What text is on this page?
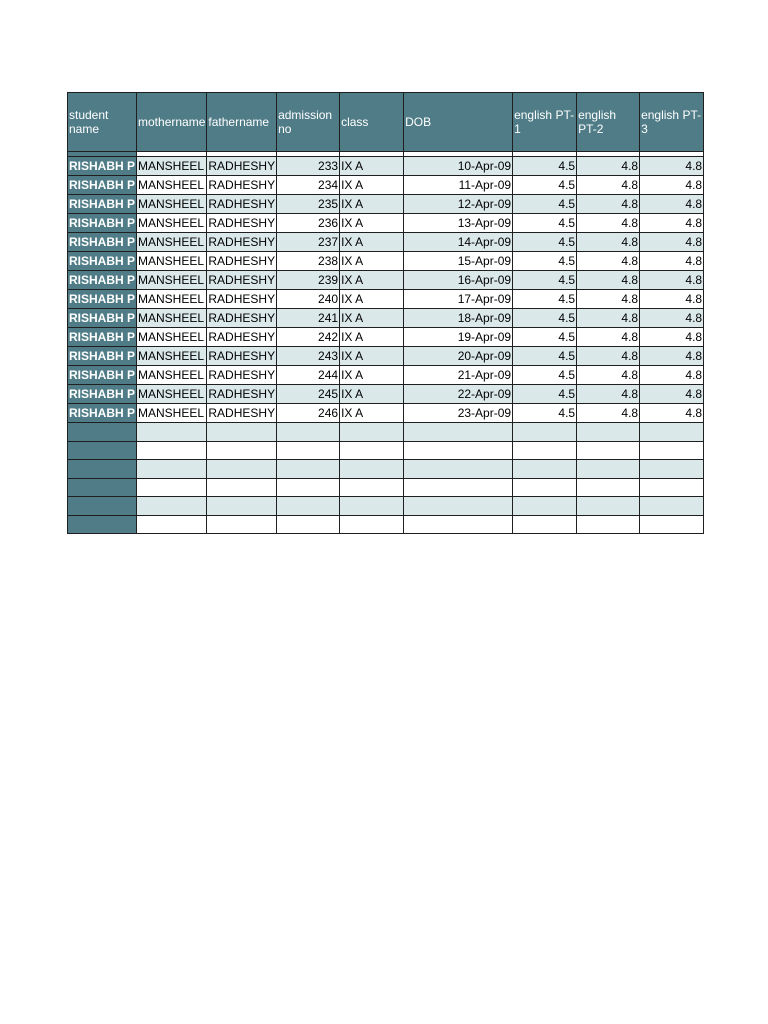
student name	mothername	fathername	admission no	class	DOB	english PT-1	english PT-2	english PT-3

RISHABH P	MANSHEEL	RADHESHY	233	IX A	10-Apr-09	4.5	4.8	4.8
RISHABH P	MANSHEEL	RADHESHY	234	IX A	11-Apr-09	4.5	4.8	4.8
RISHABH P	MANSHEEL	RADHESHY	235	IX A	12-Apr-09	4.5	4.8	4.8
RISHABH P	MANSHEEL	RADHESHY	236	IX A	13-Apr-09	4.5	4.8	4.8
RISHABH P	MANSHEEL	RADHESHY	237	IX A	14-Apr-09	4.5	4.8	4.8
RISHABH P	MANSHEEL	RADHESHY	238	IX A	15-Apr-09	4.5	4.8	4.8
RISHABH P	MANSHEEL	RADHESHY	239	IX A	16-Apr-09	4.5	4.8	4.8
RISHABH P	MANSHEEL	RADHESHY	240	IX A	17-Apr-09	4.5	4.8	4.8
RISHABH P	MANSHEEL	RADHESHY	241	IX A	18-Apr-09	4.5	4.8	4.8
RISHABH P	MANSHEEL	RADHESHY	242	IX A	19-Apr-09	4.5	4.8	4.8
RISHABH P	MANSHEEL	RADHESHY	243	IX A	20-Apr-09	4.5	4.8	4.8
RISHABH P	MANSHEEL	RADHESHY	244	IX A	21-Apr-09	4.5	4.8	4.8
RISHABH P	MANSHEEL	RADHESHY	245	IX A	22-Apr-09	4.5	4.8	4.8
RISHABH P	MANSHEEL	RADHESHY	246	IX A	23-Apr-09	4.5	4.8	4.8
